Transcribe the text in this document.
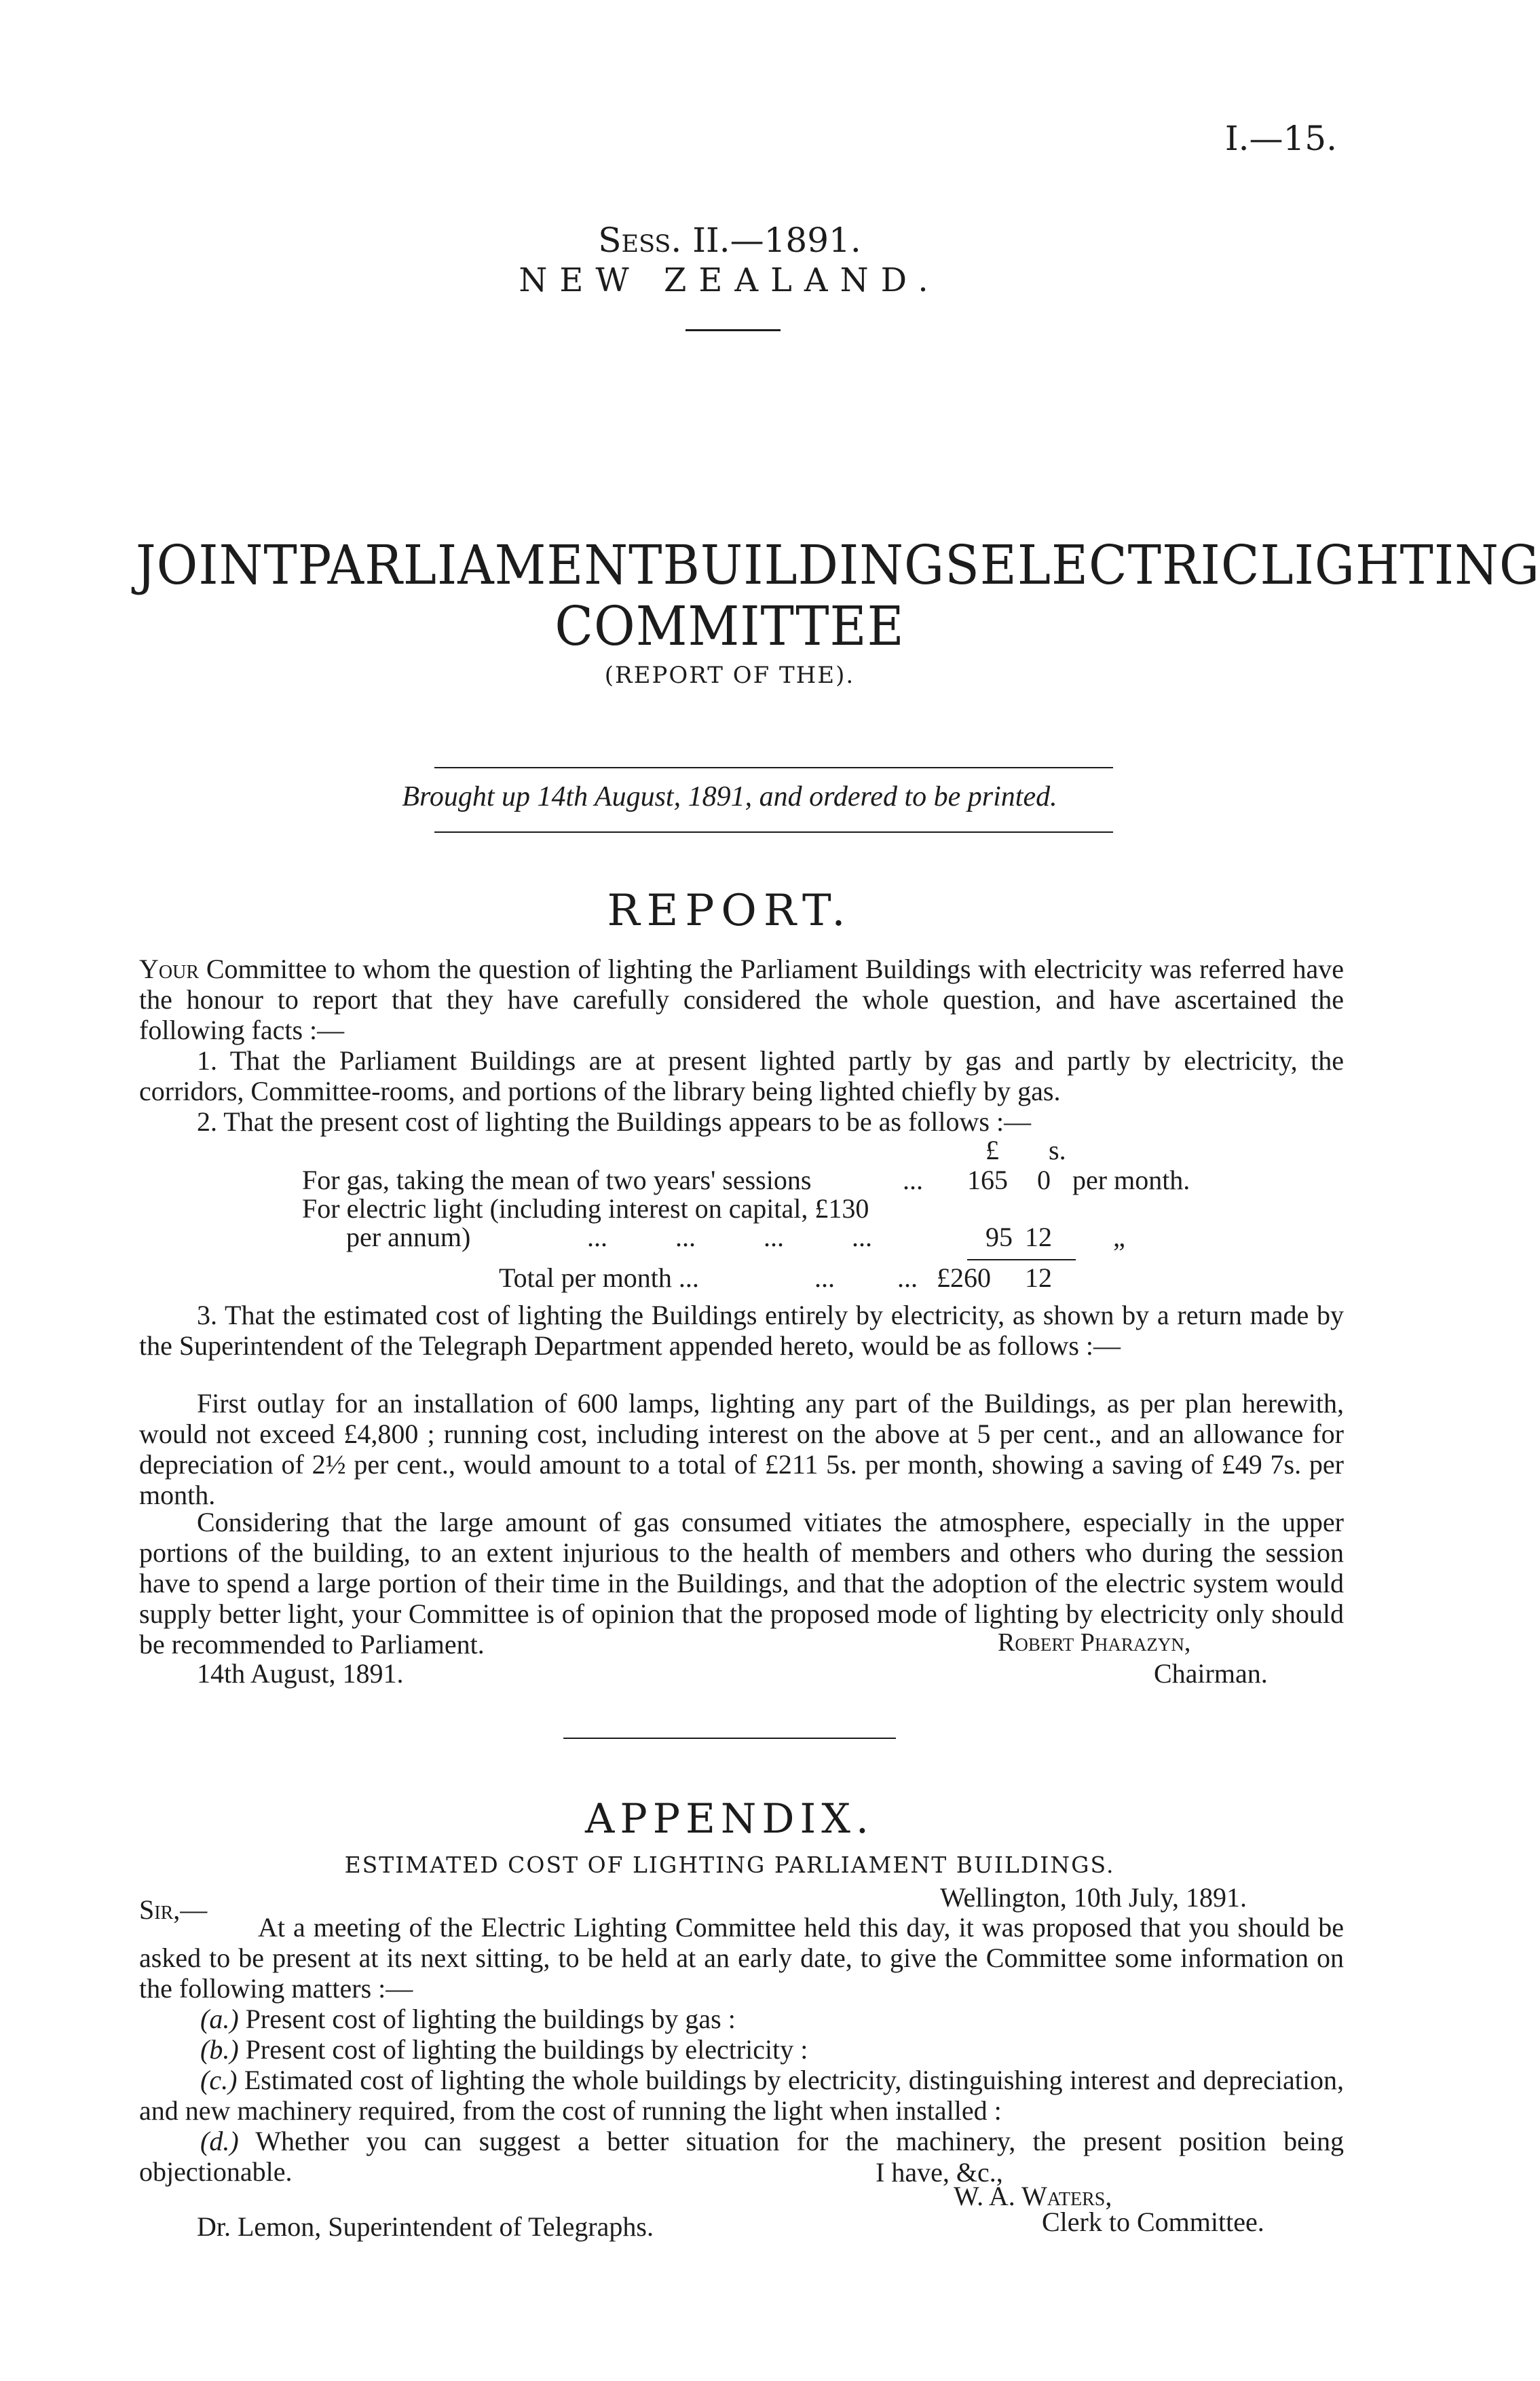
I.—15.
Sess. II.—1891.
NEW ZEALAND.
JOINT PARLIAMENT BUILDINGS ELECTRIC LIGHTING
COMMITTEE
(REPORT OF THE).
Brought up 14th August, 1891, and ordered to be printed.
REPORT.
Your Committee to whom the question of lighting the Parliament Buildings with electricity was referred have the honour to report that they have carefully considered the whole question, and have ascertained the following facts :—
1. That the Parliament Buildings are at present lighted partly by gas and partly by electricity, the corridors, Committee-rooms, and portions of the library being lighted chiefly by gas.
2. That the present cost of lighting the Buildings appears to be as follows :—
£ s.
For gas, taking the mean of two years' sessions	... 165 0 per month.
For electric light (including interest on capital, £130
per annum)	...          ...          ...          ...	95 12 „
Total per month ...	... ... £260 12
3. That the estimated cost of lighting the Buildings entirely by electricity, as shown by a return made by the Superintendent of the Telegraph Department appended hereto, would be as follows :—
First outlay for an installation of 600 lamps, lighting any part of the Buildings, as per plan herewith, would not exceed £4,800 ; running cost, including interest on the above at 5 per cent., and an allowance for depreciation of 2½ per cent., would amount to a total of £211 5s. per month, showing a saving of £49 7s. per month.
Considering that the large amount of gas consumed vitiates the atmosphere, especially in the upper portions of the building, to an extent injurious to the health of members and others who during the session have to spend a large portion of their time in the Buildings, and that the adoption of the electric system would supply better light, your Committee is of opinion that the proposed mode of lighting by electricity only should be recommended to Parliament.	Robert Pharazyn,
14th August, 1891.	Chairman.
APPENDIX.
ESTIMATED COST OF LIGHTING PARLIAMENT BUILDINGS.
Sir,—	Wellington, 10th July, 1891.
At a meeting of the Electric Lighting Committee held this day, it was proposed that you should be asked to be present at its next sitting, to be held at an early date, to give the Committee some information on the following matters :—
(a.) Present cost of lighting the buildings by gas :
(b.) Present cost of lighting the buildings by electricity :
(c.) Estimated cost of lighting the whole buildings by electricity, distinguishing interest and depreciation, and new machinery required, from the cost of running the light when installed :
(d.) Whether you can suggest a better situation for the machinery, the present position being objectionable.	I have, &c.,
W. A. Waters,
Dr. Lemon, Superintendent of Telegraphs.	Clerk to Committee.
